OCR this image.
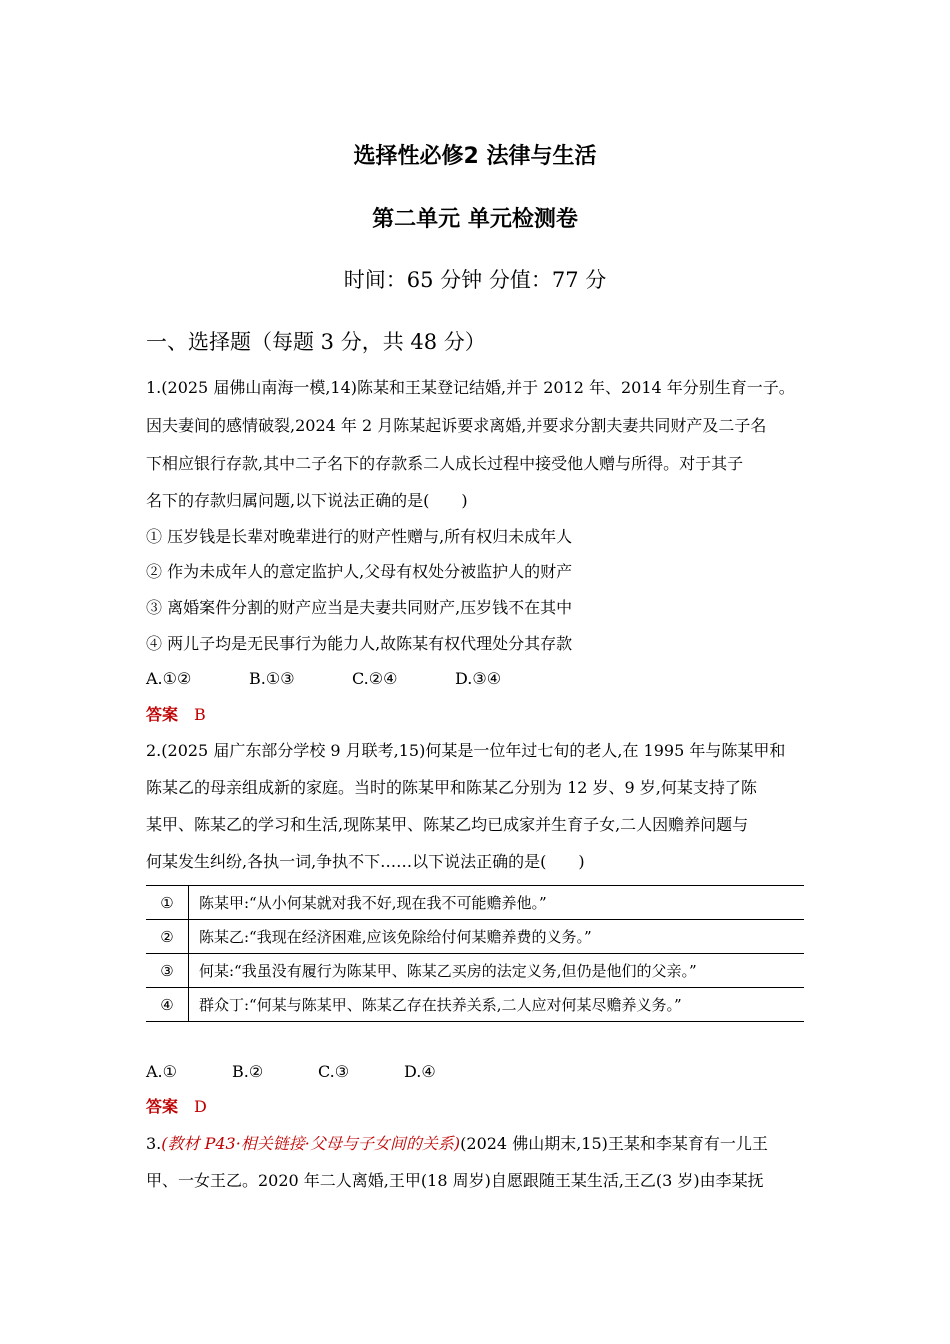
选择性必修2 法律与生活
第二单元 单元检测卷
时间：65 分钟 分值：77 分
一、选择题（每题 3 分，共 48 分）
1.(2025 届佛山南海一模,14)陈某和王某登记结婚,并于 2012 年、2014 年分别生育一子。
因夫妻间的感情破裂,2024 年 2 月陈某起诉要求离婚,并要求分割夫妻共同财产及二子名
下相应银行存款,其中二子名下的存款系二人成长过程中接受他人赠与所得。对于其子
名下的存款归属问题,以下说法正确的是(　　)
① 压岁钱是长辈对晚辈进行的财产性赠与,所有权归未成年人
② 作为未成年人的意定监护人,父母有权处分被监护人的财产
③ 离婚案件分割的财产应当是夫妻共同财产,压岁钱不在其中
④ 两儿子均是无民事行为能力人,故陈某有权代理处分其存款
A.①②	B.①③	C.②④	D.③④
答案 B
2.(2025 届广东部分学校 9 月联考,15)何某是一位年过七旬的老人,在 1995 年与陈某甲和
陈某乙的母亲组成新的家庭。当时的陈某甲和陈某乙分别为 12 岁、9 岁,何某支持了陈
某甲、陈某乙的学习和生活,现陈某甲、陈某乙均已成家并生育子女,二人因赡养问题与
何某发生纠纷,各执一词,争执不下……以下说法正确的是(　　)
①	陈某甲:“从小何某就对我不好,现在我不可能赡养他。”
②	陈某乙:“我现在经济困难,应该免除给付何某赡养费的义务。”
③	何某:“我虽没有履行为陈某甲、陈某乙买房的法定义务,但仍是他们的父亲。”
④	群众丁:“何某与陈某甲、陈某乙存在扶养关系,二人应对何某尽赡养义务。”
A.①	B.②	C.③	D.④
答案 D
3.(教材 P43·相关链接·父母与子女间的关系)(2024 佛山期末,15)王某和李某育有一儿王
甲、一女王乙。2020 年二人离婚,王甲(18 周岁)自愿跟随王某生活,王乙(3 岁)由李某抚
